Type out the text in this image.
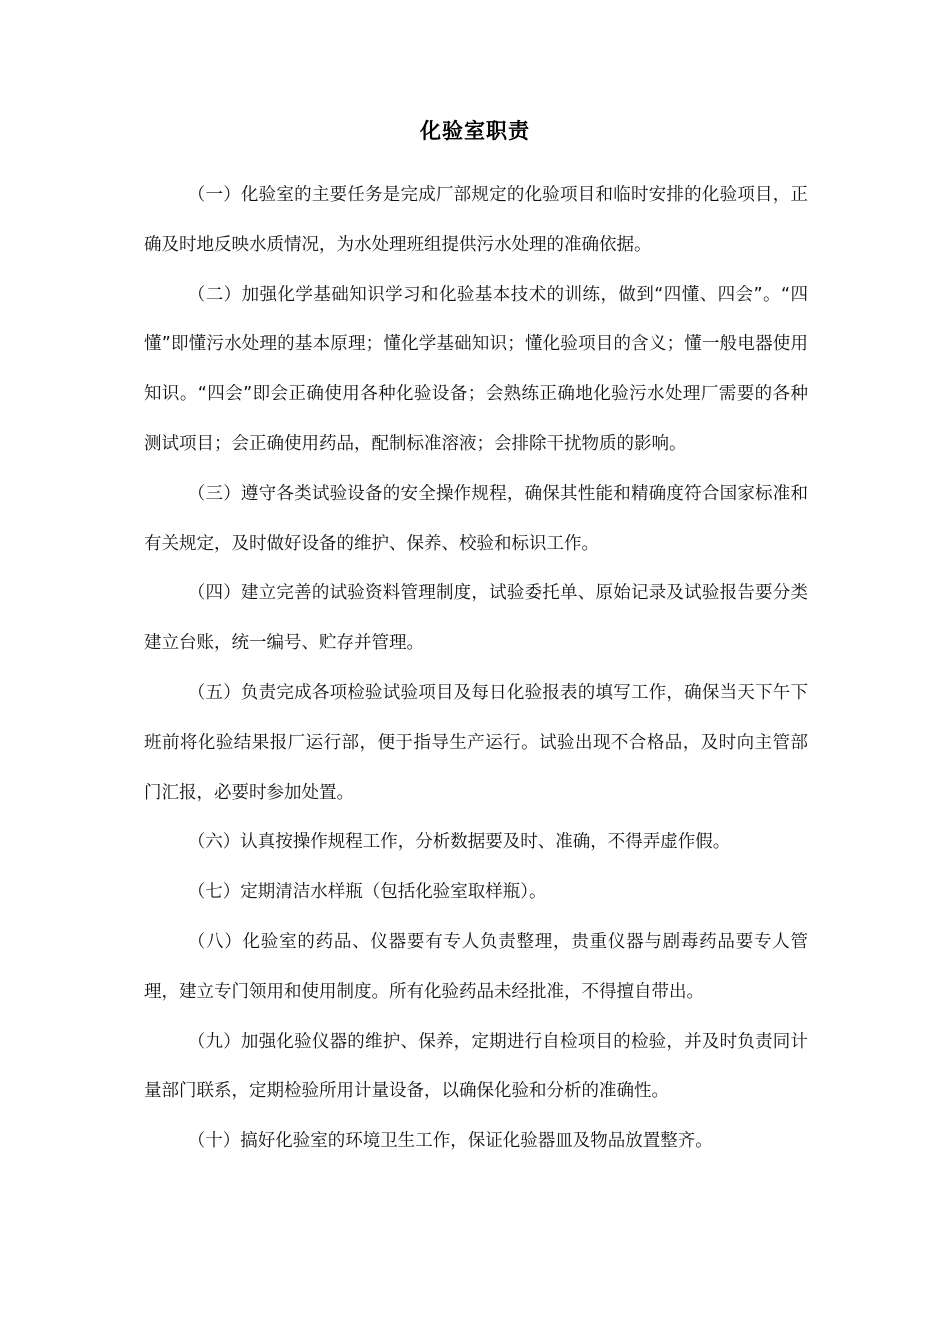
化验室职责

（一）化验室的主要任务是完成厂部规定的化验项目和临时安排的化验项目，正确及时地反映水质情况，为水处理班组提供污水处理的准确依据。

（二）加强化学基础知识学习和化验基本技术的训练，做到“四懂、四会”。“四懂”即懂污水处理的基本原理；懂化学基础知识；懂化验项目的含义；懂一般电器使用知识。“四会”即会正确使用各种化验设备；会熟练正确地化验污水处理厂需要的各种测试项目；会正确使用药品，配制标准溶液；会排除干扰物质的影响。

（三）遵守各类试验设备的安全操作规程，确保其性能和精确度符合国家标准和有关规定，及时做好设备的维护、保养、校验和标识工作。

（四）建立完善的试验资料管理制度，试验委托单、原始记录及试验报告要分类建立台账，统一编号、贮存并管理。

（五）负责完成各项检验试验项目及每日化验报表的填写工作，确保当天下午下班前将化验结果报厂运行部，便于指导生产运行。试验出现不合格品，及时向主管部门汇报，必要时参加处置。

（六）认真按操作规程工作，分析数据要及时、准确，不得弄虚作假。

（七）定期清洁水样瓶（包括化验室取样瓶）。

（八）化验室的药品、仪器要有专人负责整理，贵重仪器与剧毒药品要专人管理，建立专门领用和使用制度。所有化验药品未经批准，不得擅自带出。

（九）加强化验仪器的维护、保养，定期进行自检项目的检验，并及时负责同计量部门联系，定期检验所用计量设备，以确保化验和分析的准确性。

（十）搞好化验室的环境卫生工作，保证化验器皿及物品放置整齐。
